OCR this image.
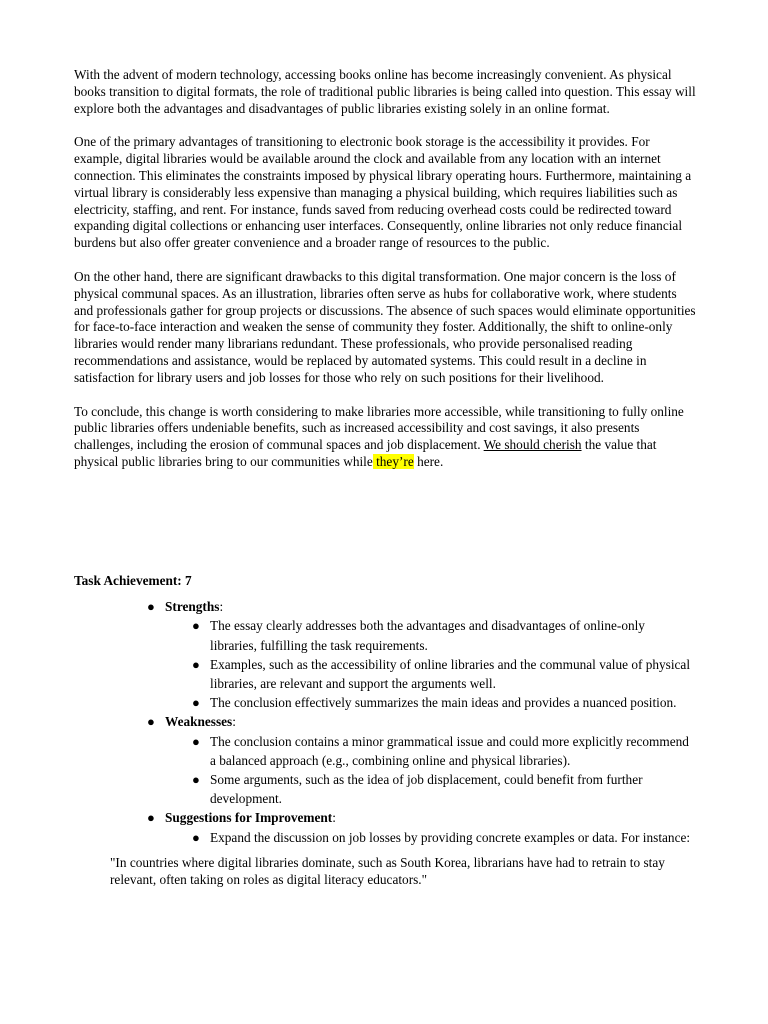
With the advent of modern technology, accessing books online has become increasingly convenient. As physical books transition to digital formats, the role of traditional public libraries is being called into question. This essay will explore both the advantages and disadvantages of public libraries existing solely in an online format.

One of the primary advantages of transitioning to electronic book storage is the accessibility it provides. For example, digital libraries would be available around the clock and available from any location with an internet connection. This eliminates the constraints imposed by physical library operating hours. Furthermore, maintaining a virtual library is considerably less expensive than managing a physical building, which requires liabilities such as electricity, staffing, and rent. For instance, funds saved from reducing overhead costs could be redirected toward expanding digital collections or enhancing user interfaces. Consequently, online libraries not only reduce financial burdens but also offer greater convenience and a broader range of resources to the public.

On the other hand, there are significant drawbacks to this digital transformation. One major concern is the loss of physical communal spaces. As an illustration, libraries often serve as hubs for collaborative work, where students and professionals gather for group projects or discussions. The absence of such spaces would eliminate opportunities for face-to-face interaction and weaken the sense of community they foster. Additionally, the shift to online-only libraries would render many librarians redundant. These professionals, who provide personalised reading recommendations and assistance, would be replaced by automated systems. This could result in a decline in satisfaction for library users and job losses for those who rely on such positions for their livelihood.

To conclude, this change is worth considering to make libraries more accessible, while transitioning to fully online public libraries offers undeniable benefits, such as increased accessibility and cost savings, it also presents challenges, including the erosion of communal spaces and job displacement. We should cherish the value that physical public libraries bring to our communities while they’re here.

Task Achievement: 7
● Strengths:
● The essay clearly addresses both the advantages and disadvantages of online-only libraries, fulfilling the task requirements.
● Examples, such as the accessibility of online libraries and the communal value of physical libraries, are relevant and support the arguments well.
● The conclusion effectively summarizes the main ideas and provides a nuanced position.
● Weaknesses:
● The conclusion contains a minor grammatical issue and could more explicitly recommend a balanced approach (e.g., combining online and physical libraries).
● Some arguments, such as the idea of job displacement, could benefit from further development.
● Suggestions for Improvement:
● Expand the discussion on job losses by providing concrete examples or data. For instance:
"In countries where digital libraries dominate, such as South Korea, librarians have had to retrain to stay relevant, often taking on roles as digital literacy educators."
